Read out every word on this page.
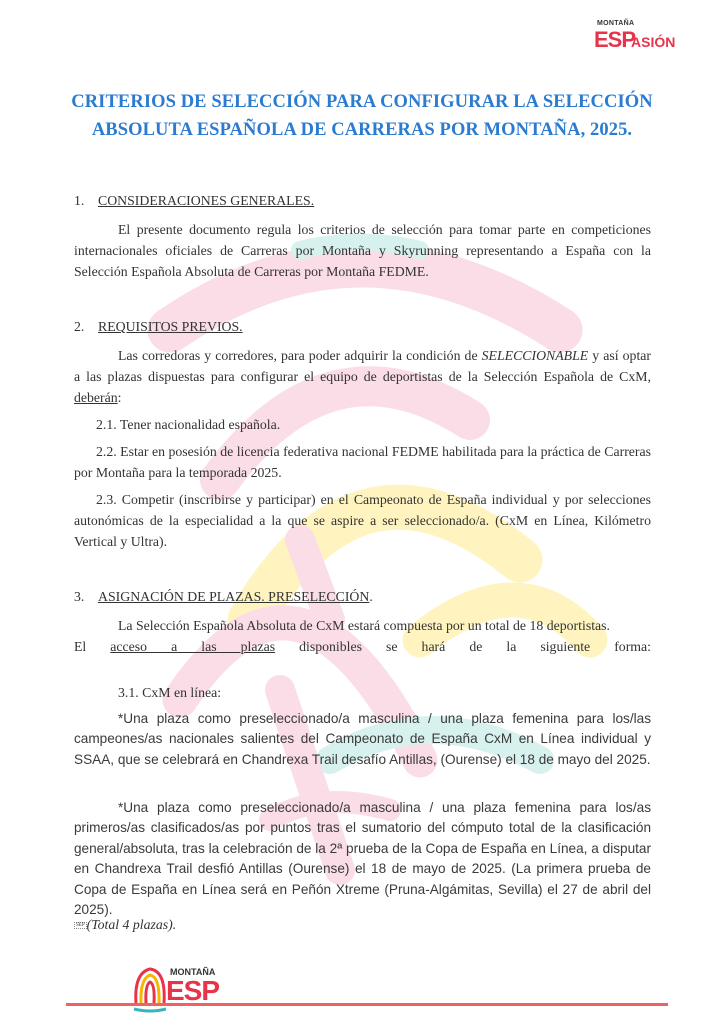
MONTAÑA
ESP
ASIÓN
CRITERIOS DE SELECCIÓN PARA CONFIGURAR LA SELECCIÓN
ABSOLUTA ESPAÑOLA DE CARRERAS POR MONTAÑA, 2025.
1. CONSIDERACIONES GENERALES.
El presente documento regula los criterios de selección para tomar parte en competiciones internacionales oficiales de Carreras por Montaña y Skyrunning representando a España con la Selección Española Absoluta de Carreras por Montaña FEDME.
2. REQUISITOS PREVIOS.
Las corredoras y corredores, para poder adquirir la condición de SELECCIONABLE y así optar a las plazas dispuestas para configurar el equipo de deportistas de la Selección Española de CxM, deberán:
2.1. Tener nacionalidad española.
2.2. Estar en posesión de licencia federativa nacional FEDME habilitada para la práctica de Carreras por Montaña para la temporada 2025.
2.3. Competir (inscribirse y participar) en el Campeonato de España individual y por selecciones autonómicas de la especialidad a la que se aspire a ser seleccionado/a. (CxM en Línea, Kilómetro Vertical y Ultra).
3. ASIGNACIÓN DE PLAZAS. PRESELECCIÓN.
La Selección Española Absoluta de CxM estará compuesta por un total de 18 deportistas.
El acceso a las plazas disponibles se hará de la siguiente forma:
3.1. CxM en línea:
*Una plaza como preseleccionado/a masculina / una plaza femenina para los/las campeones/as nacionales salientes del Campeonato de España CxM en Línea individual y SSAA, que se celebrará en Chandrexa Trail desafío Antillas, (Ourense) el 18 de mayo del 2025.
*Una plaza como preseleccionado/a masculina / una plaza femenina para los/as primeros/as clasificados/as por puntos tras el sumatorio del cómputo total de la clasificación general/absoluta, tras la celebración de la 2ª prueba de la Copa de España en Línea, a disputar en Chandrexa Trail desfió Antillas (Ourense) el 18 de mayo de 2025. (La primera prueba de Copa de España en Línea será en Peñón Xtreme (Pruna-Algámitas, Sevilla) el 27 de abril del 2025).
SEP (Total 4 plazas).
MONTAÑA
ESP
